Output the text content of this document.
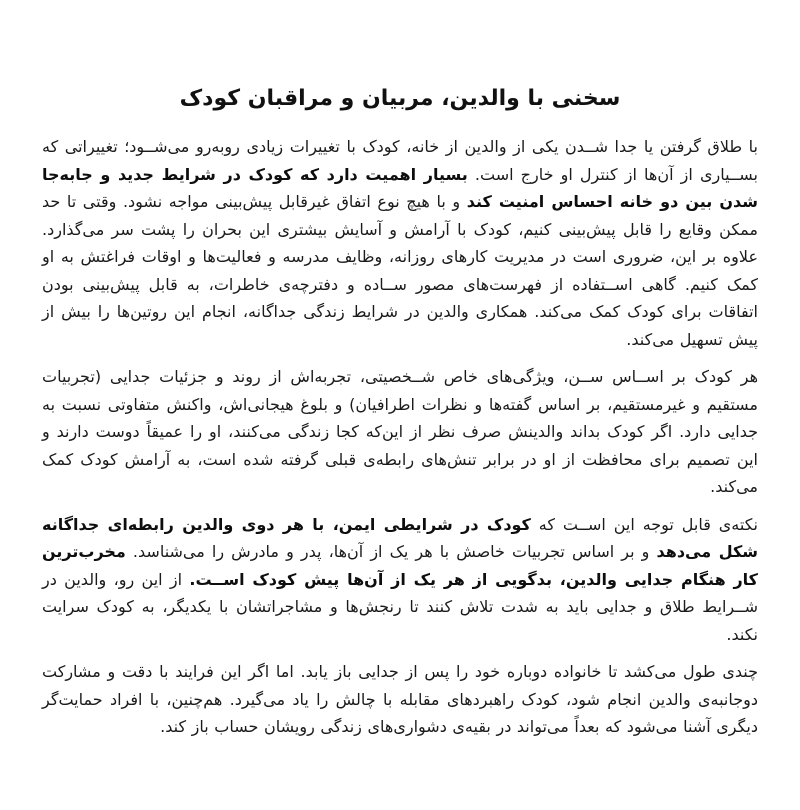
سخنی با والدین، مربیان و مراقبان کودک

با طلاق گرفتن یا جدا شــدن یکی از والدین از خانه، کودک با تغییرات زیادی روبه‌رو می‌شــود؛ تغییراتی که بســیاری از آن‌ها از کنترل او خارج است. بسیار اهمیت دارد که کودک در شرایط جدید و جابه‌جا شدن بین دو خانه احساس امنیت کند و با هیچ نوع اتفاق غیرقابل پیش‌بینی مواجه نشود. وقتی تا حد ممکن وقایع را قابل پیش‌بینی کنیم، کودک با آرامش و آسایش بیشتری این بحران را پشت سر می‌گذارد. علاوه بر این، ضروری است در مدیریت کارهای روزانه، وظایف مدرسه و فعالیت‌ها و اوقات فراغتش به او کمک کنیم. گاهی اســتفاده از فهرست‌های مصور ســاده و دفترچه‌ی خاطرات، به قابل پیش‌بینی بودن اتفاقات برای کودک کمک می‌کند. همکاری والدین در شرایط زندگی جداگانه، انجام این روتین‌ها را بیش از پیش تسهیل می‌کند.

هر کودک بر اســاس ســن، ویژگی‌های خاص شــخصیتی، تجربه‌اش از روند و جزئیات جدایی (تجربیات مستقیم و غیرمستقیم، بر اساس گفته‌ها و نظرات اطرافیان) و بلوغ هیجانی‌اش، واکنش متفاوتی نسبت به جدایی دارد. اگر کودک بداند والدینش صرف نظر از این‌که کجا زندگی می‌کنند، او را عمیقاً دوست دارند و این تصمیم برای محافظت از او در برابر تنش‌های رابطه‌ی قبلی گرفته شده است، به آرامش کودک کمک می‌کند.

نکته‌ی قابل توجه این اســت که کودک در شرایطی ایمن، با هر دوی والدین رابطه‌ای جداگانه شکل می‌دهد و بر اساس تجربیات خاصش با هر یک از آن‌ها، پدر و مادرش را می‌شناسد. مخرب‌ترین کار هنگام جدایی والدین، بدگویی از هر یک از آن‌ها پیش کودک اســت. از این رو، والدین در شــرایط طلاق و جدایی باید به شدت تلاش کنند تا رنجش‌ها و مشاجراتشان با یکدیگر، به کودک سرایت نکند.

چندی طول می‌کشد تا خانواده دوباره خود را پس از جدایی باز یابد. اما اگر این فرایند با دقت و مشارکت دوجانبه‌ی والدین انجام شود، کودک راهبردهای مقابله با چالش را یاد می‌گیرد. هم‌چنین، با افراد حمایت‌گر دیگری آشنا می‌شود که بعداً می‌تواند در بقیه‌ی دشواری‌های زندگی رویشان حساب باز کند.
